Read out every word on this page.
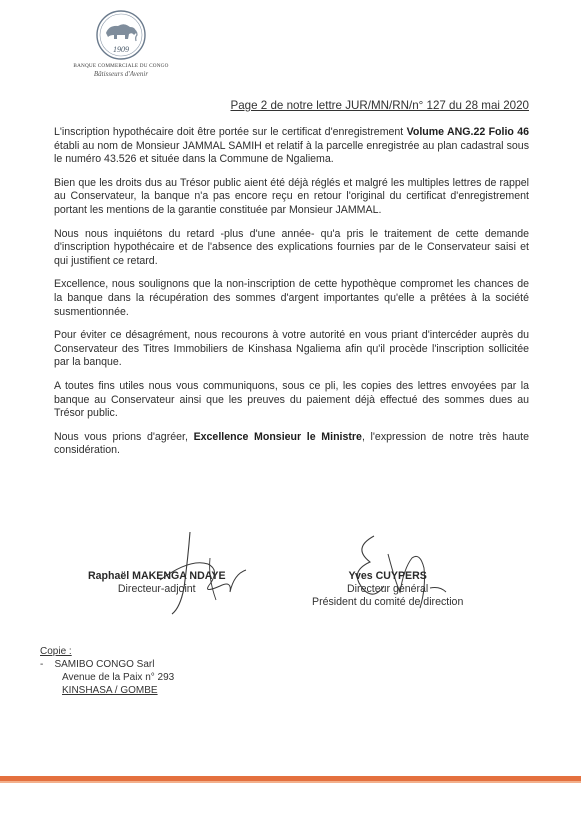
1909
BANQUE COMMERCIALE DU CONGO
Bâtisseurs d'Avenir
Page 2 de notre lettre JUR/MN/RN/n° 127 du 28 mai 2020

L'inscription hypothécaire doit être portée sur le certificat d'enregistrement Volume ANG.22 Folio 46 établi au nom de Monsieur JAMMAL SAMIH et relatif à la parcelle enregistrée au plan cadastral sous le numéro 43.526 et située dans la Commune de Ngaliema.

Bien que les droits dus au Trésor public aient été déjà réglés et malgré les multiples lettres de rappel au Conservateur, la banque n'a pas encore reçu en retour l'original du certificat d'enregistrement portant les mentions de la garantie constituée par Monsieur JAMMAL.

Nous nous inquiétons du retard -plus d'une année- qu'a pris le traitement de cette demande d'inscription hypothécaire et de l'absence des explications fournies par de le Conservateur saisi et qui justifient ce retard.

Excellence, nous soulignons que la non-inscription de cette hypothèque compromet les chances de la banque dans la récupération des sommes d'argent importantes qu'elle a prêtées à la société susmentionnée.

Pour éviter ce désagrément, nous recourons à votre autorité en vous priant d'intercéder auprès du Conservateur des Titres Immobiliers de Kinshasa Ngaliema afin qu'il procède l'inscription sollicitée par la banque.

A toutes fins utiles nous vous communiquons, sous ce pli, les copies des lettres envoyées par la banque au Conservateur ainsi que les preuves du paiement déjà effectué des sommes dues au Trésor public.

Nous vous prions d'agréer, Excellence Monsieur le Ministre, l'expression de notre très haute considération.

Raphaël MAKENGA NDAYE
Directeur-adjoint
Yves CUYPERS
Directeur général
Président du comité de direction
Copie :
-    SAMIBO CONGO Sarl
Avenue de la Paix n° 293
KINSHASA / GOMBE
